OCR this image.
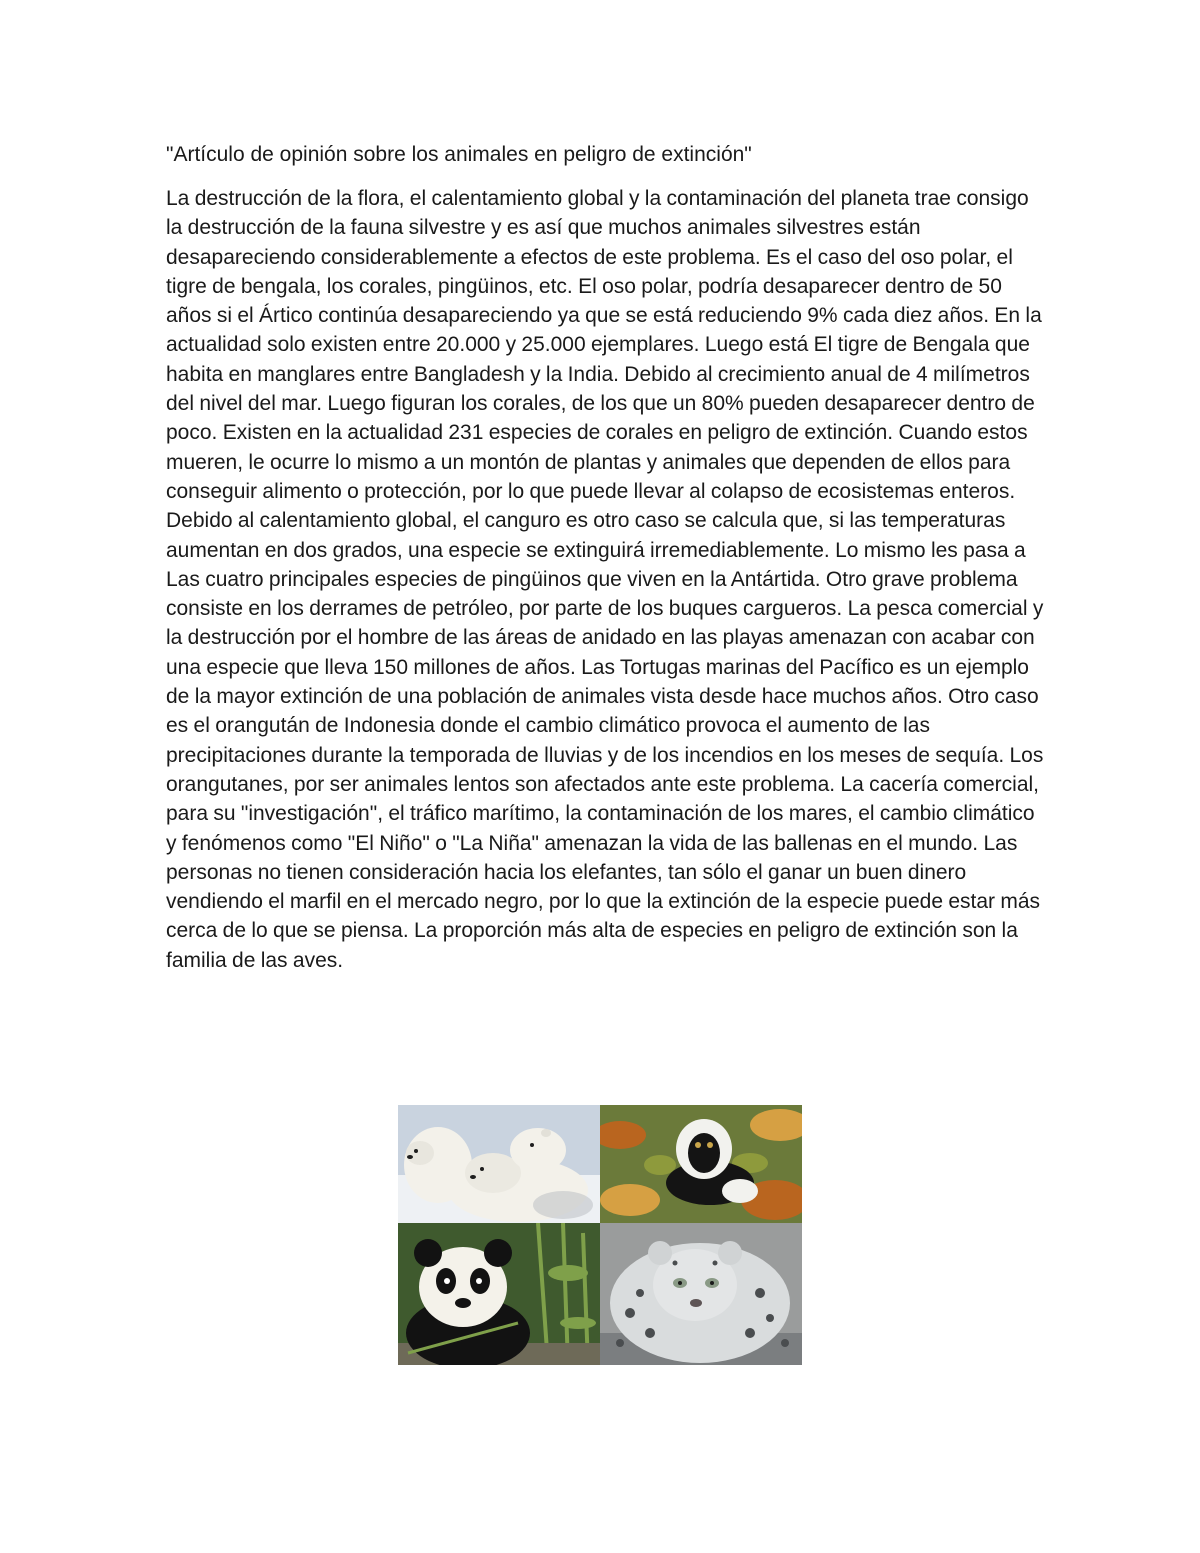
"Artículo de opinión sobre los animales en peligro de extinción"

La destrucción de la flora, el calentamiento global y la contaminación del planeta trae consigo la destrucción de la fauna silvestre y es así que muchos animales silvestres están desapareciendo considerablemente a efectos de este problema. Es el caso del oso polar, el tigre de bengala, los corales, pingüinos, etc. El oso polar, podría desaparecer dentro de 50 años si el Ártico continúa desapareciendo ya que se está reduciendo 9% cada diez años. En la actualidad solo existen entre 20.000 y 25.000 ejemplares. Luego está El tigre de Bengala que habita en manglares entre Bangladesh y la India. Debido al crecimiento anual de 4 milímetros del nivel del mar. Luego figuran los corales, de los que un 80% pueden desaparecer dentro de poco. Existen en la actualidad 231 especies de corales en peligro de extinción. Cuando estos mueren, le ocurre lo mismo a un montón de plantas y animales que dependen de ellos para conseguir alimento o protección, por lo que puede llevar al colapso de ecosistemas enteros. Debido al calentamiento global, el canguro es otro caso se calcula que, si las temperaturas aumentan en dos grados, una especie se extinguirá irremediablemente. Lo mismo les pasa a Las cuatro principales especies de pingüinos que viven en la Antártida. Otro grave problema consiste en los derrames de petróleo, por parte de los buques cargueros. La pesca comercial y la destrucción por el hombre de las áreas de anidado en las playas amenazan con acabar con una especie que lleva 150 millones de años. Las Tortugas marinas del Pacífico es un ejemplo de la mayor extinción de una población de animales vista desde hace muchos años. Otro caso es el orangután de Indonesia donde el cambio climático provoca el aumento de las precipitaciones durante la temporada de lluvias y de los incendios en los meses de sequía. Los orangutanes, por ser animales lentos son afectados ante este problema. La cacería comercial, para su "investigación", el tráfico marítimo, la contaminación de los mares, el cambio climático y fenómenos como "El Niño" o "La Niña" amenazan la vida de las ballenas en el mundo. Las personas no tienen consideración hacia los elefantes, tan sólo el ganar un buen dinero vendiendo el marfil en el mercado negro, por lo que la extinción de la especie puede estar más cerca de lo que se piensa. La proporción más alta de especies en peligro de extinción son la familia de las aves.
